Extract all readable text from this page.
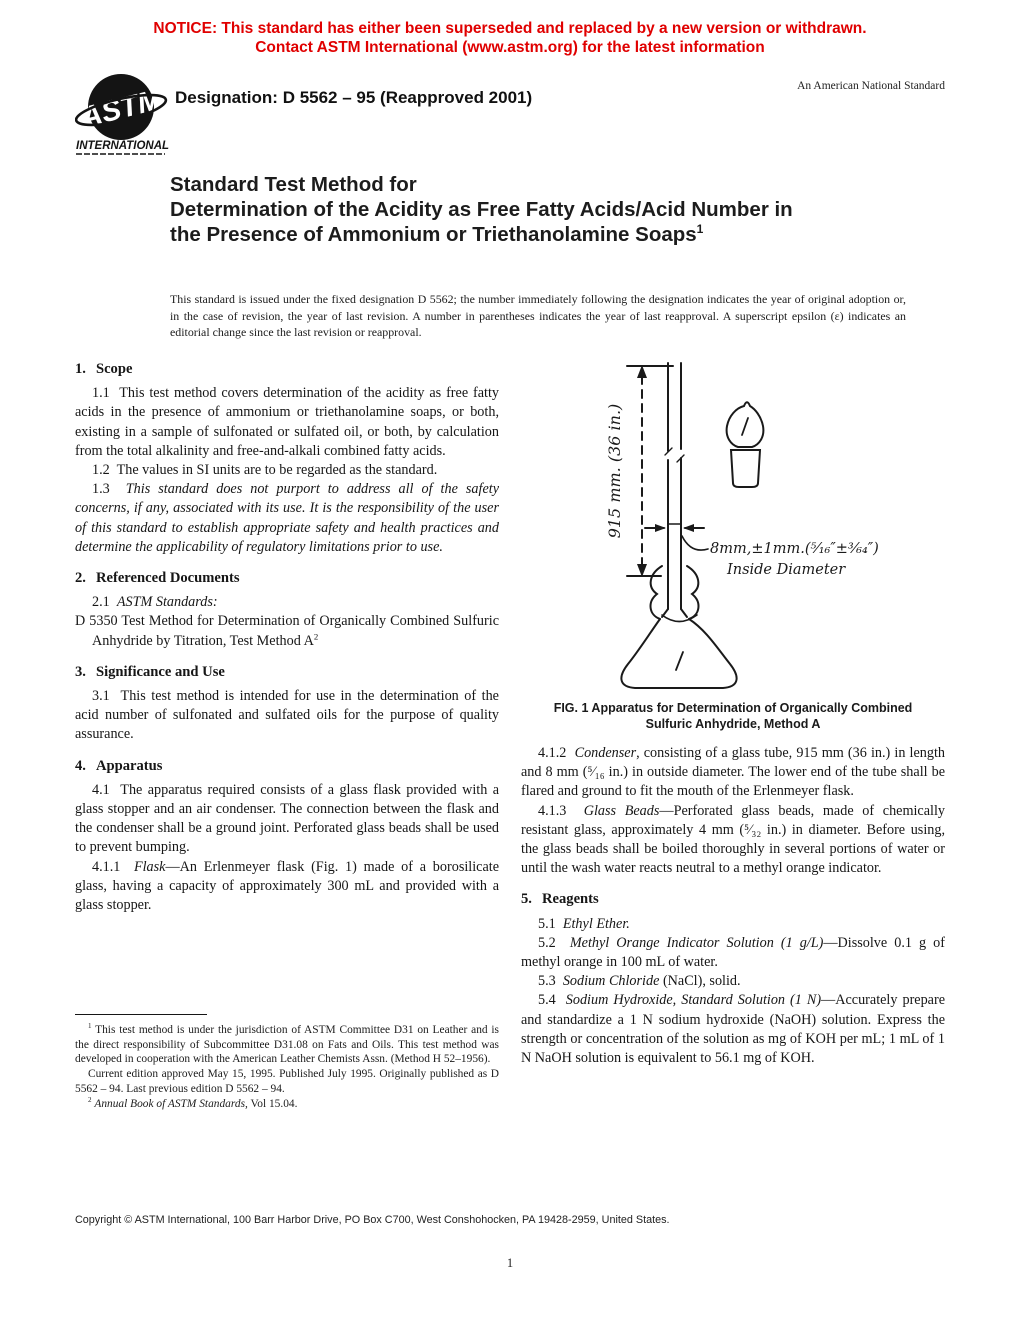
NOTICE: This standard has either been superseded and replaced by a new version or withdrawn.
Contact ASTM International (www.astm.org) for the latest information
ASTM
INTERNATIONAL
Designation: D 5562 – 95 (Reapproved 2001)
An American National Standard
Standard Test Method for
Determination of the Acidity as Free Fatty Acids/Acid Number in the Presence of Ammonium or Triethanolamine Soaps$^1$
This standard is issued under the fixed designation D 5562; the number immediately following the designation indicates the year of original adoption or, in the case of revision, the year of last revision. A number in parentheses indicates the year of last reapproval. A superscript epsilon (ε) indicates an editorial change since the last revision or reapproval.
1. Scope

1.1 This test method covers determination of the acidity as free fatty acids in the presence of ammonium or triethanolamine soaps, or both, existing in a sample of sulfonated or sulfated oil, or both, by calculation from the total alkalinity and free-and-alkali combined fatty acids.

1.2 The values in SI units are to be regarded as the standard.

1.3 This standard does not purport to address all of the safety concerns, if any, associated with its use. It is the responsibility of the user of this standard to establish appropriate safety and health practices and determine the applicability of regulatory limitations prior to use.

2. Referenced Documents

2.1 ASTM Standards:

D 5350 Test Method for Determination of Organically Combined Sulfuric Anhydride by Titration, Test Method $A^2$

3. Significance and Use

3.1 This test method is intended for use in the determination of the acid number of sulfonated and sulfated oils for the purpose of quality assurance.

4. Apparatus

4.1 The apparatus required consists of a glass flask provided with a glass stopper and an air condenser. The connection between the flask and the condenser shall be a ground joint. Perforated glass beads shall be used to prevent bumping.

4.1.1 Flask—An Erlenmeyer flask (Fig. 1) made of a borosilicate glass, having a capacity of approximately 300 mL and provided with a glass stopper.

915 mm. (36 in.)
8mm,±1mm.(⁵⁄₁₆″±³⁄₆₄″)
Inside Diameter
FIG. 1 Apparatus for Determination of Organically Combined Sulfuric Anhydride, Method A

4.1.2 Condenser, consisting of a glass tube, 915 mm (36 in.) in length and 8 mm (⁵⁄₁₆ in.) in outside diameter. The lower end of the tube shall be flared and ground to fit the mouth of the Erlenmeyer flask.

4.1.3 Glass Beads—Perforated glass beads, made of chemically resistant glass, approximately 4 mm (⁵⁄₃₂ in.) in diameter. Before using, the glass beads shall be boiled thoroughly in several portions of water or until the wash water reacts neutral to a methyl orange indicator.

5. Reagents

5.1 Ethyl Ether.

5.2 Methyl Orange Indicator Solution (1 g/L)—Dissolve 0.1 g of methyl orange in 100 mL of water.

5.3 Sodium Chloride (NaCl), solid.

5.4 Sodium Hydroxide, Standard Solution (1 N)—Accurately prepare and standardize a 1 N sodium hydroxide (NaOH) solution. Express the strength or concentration of the solution as mg of KOH per mL; 1 mL of 1 N NaOH solution is equivalent to 56.1 mg of KOH.

$^1$ This test method is under the jurisdiction of ASTM Committee D31 on Leather and is the direct responsibility of Subcommittee D31.08 on Fats and Oils. This test method was developed in cooperation with the American Leather Chemists Assn. (Method H 52–1956).

Current edition approved May 15, 1995. Published July 1995. Originally published as D 5562 – 94. Last previous edition D 5562 – 94.

$^2$ Annual Book of ASTM Standards, Vol 15.04.

Copyright © ASTM International, 100 Barr Harbor Drive, PO Box C700, West Conshohocken, PA 19428-2959, United States.
1
